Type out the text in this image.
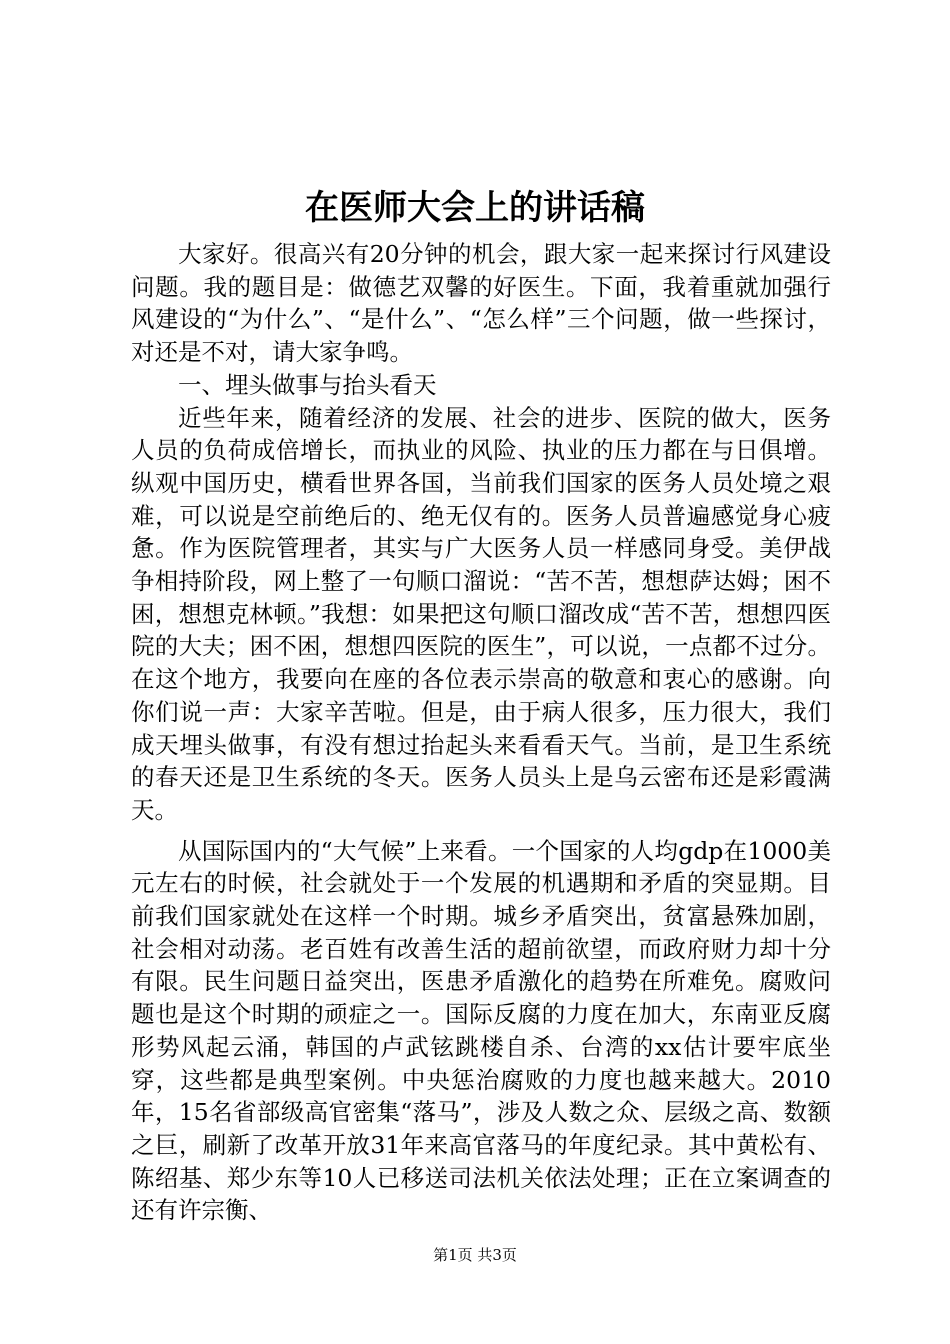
在医师大会上的讲话稿

大家好。很高兴有20分钟的机会，跟大家一起来探讨行风建设问题。我的题目是：做德艺双馨的好医生。下面，我着重就加强行风建设的“为什么”、“是什么”、“怎么样”三个问题，做一些探讨，对还是不对，请大家争鸣。

一、埋头做事与抬头看天

近些年来，随着经济的发展、社会的进步、医院的做大，医务人员的负荷成倍增长，而执业的风险、执业的压力都在与日俱增。纵观中国历史，横看世界各国，当前我们国家的医务人员处境之艰难，可以说是空前绝后的、绝无仅有的。医务人员普遍感觉身心疲惫。作为医院管理者，其实与广大医务人员一样感同身受。美伊战争相持阶段，网上整了一句顺口溜说：“苦不苦，想想萨达姆；困不困，想想克林顿。”我想：如果把这句顺口溜改成“苦不苦，想想四医院的大夫；困不困，想想四医院的医生”，可以说，一点都不过分。在这个地方，我要向在座的各位表示崇高的敬意和衷心的感谢。向你们说一声：大家辛苦啦。但是，由于病人很多，压力很大，我们成天埋头做事，有没有想过抬起头来看看天气。当前，是卫生系统的春天还是卫生系统的冬天。医务人员头上是乌云密布还是彩霞满天。

从国际国内的“大气候”上来看。一个国家的人均gdp在1000美元左右的时候，社会就处于一个发展的机遇期和矛盾的突显期。目前我们国家就处在这样一个时期。城乡矛盾突出，贫富悬殊加剧，社会相对动荡。老百姓有改善生活的超前欲望，而政府财力却十分有限。民生问题日益突出，医患矛盾激化的趋势在所难免。腐败问题也是这个时期的顽症之一。国际反腐的力度在加大，东南亚反腐形势风起云涌，韩国的卢武铉跳楼自杀、台湾的xx估计要牢底坐穿，这些都是典型案例。中央惩治腐败的力度也越来越大。2010年，15名省部级高官密集“落马”，涉及人数之众、层级之高、数额之巨，刷新了改革开放31年来高官落马的年度纪录。其中黄松有、陈绍基、郑少东等10人已移送司法机关依法处理；正在立案调查的还有许宗衡、

第1页 共3页
